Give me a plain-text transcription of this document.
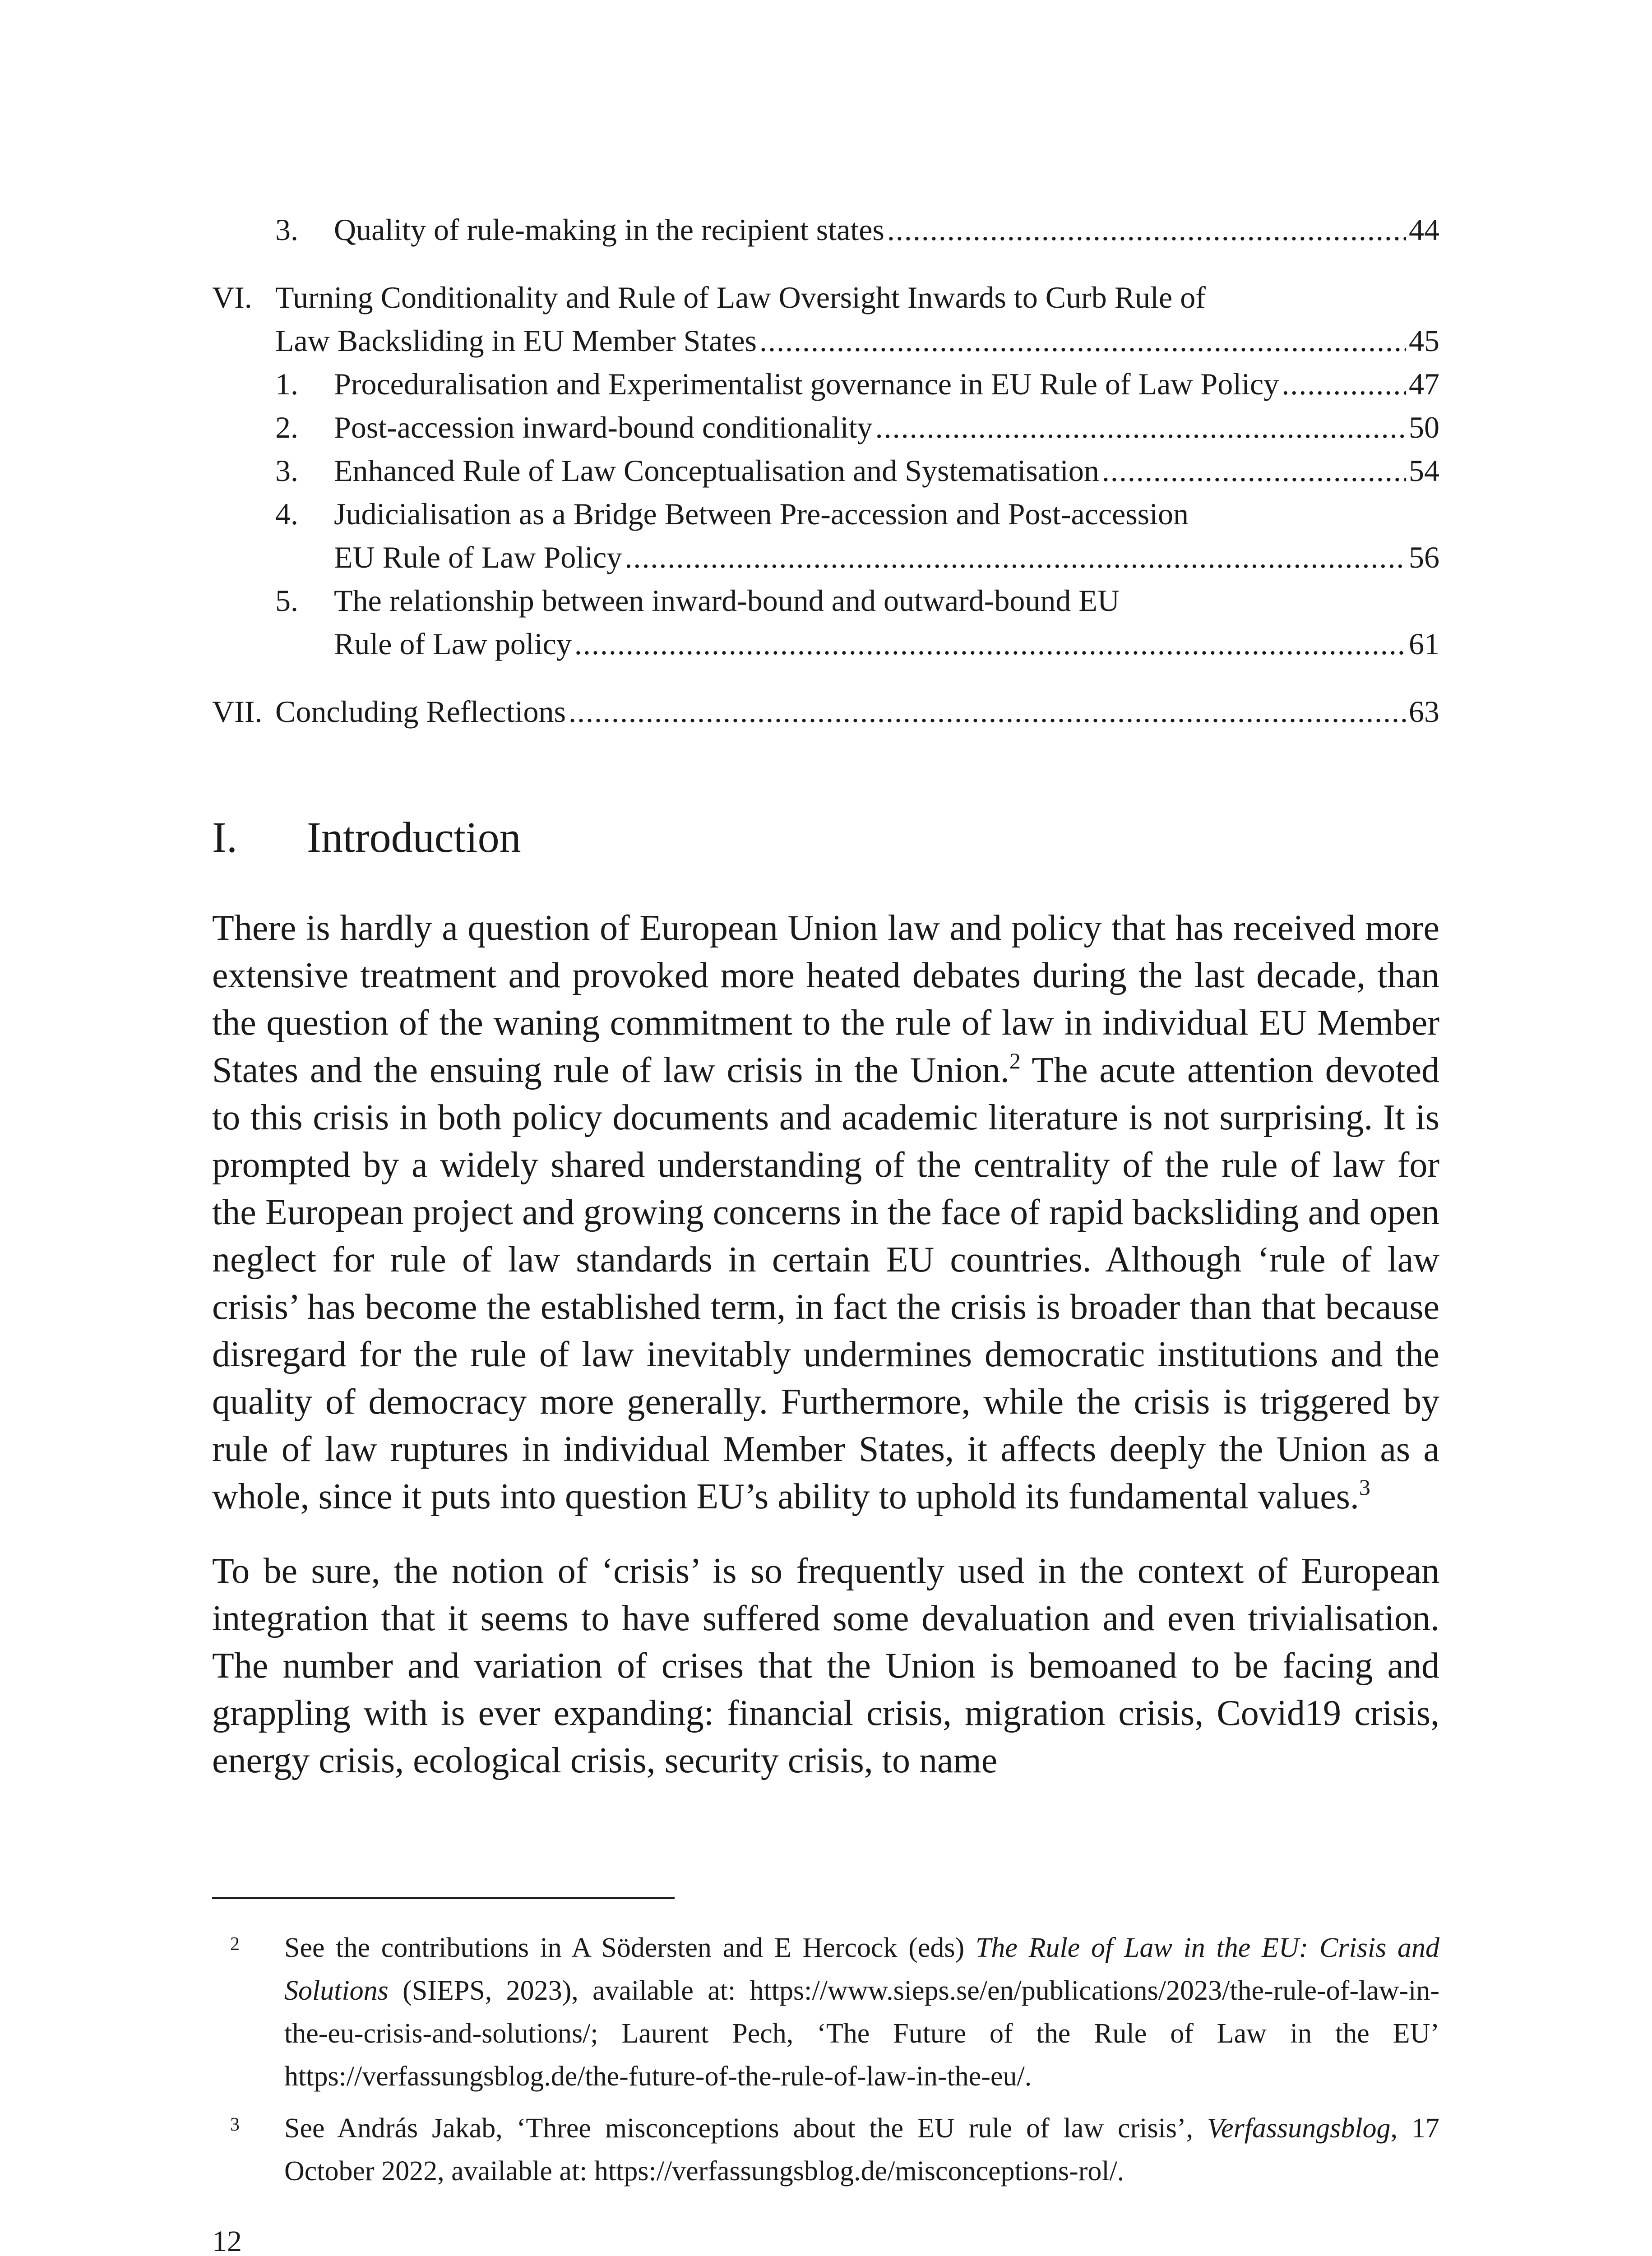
3. Quality of rule-making in the recipient states .....	44
VI. Turning Conditionality and Rule of Law Oversight Inwards to Curb Rule of
Law Backsliding in EU Member States .....	45
1. Proceduralisation and Experimentalist governance in EU Rule of Law Policy .....	47
2. Post-accession inward-bound conditionality .....	50
3. Enhanced Rule of Law Conceptualisation and Systematisation .....	54
4. Judicialisation as a Bridge Between Pre-accession and Post-accession
EU Rule of Law Policy .....	56
5. The relationship between inward-bound and outward-bound EU
Rule of Law policy .....	61
VII. Concluding Reflections .....	63
I. Introduction

There is hardly a question of European Union law and policy that has received more extensive treatment and provoked more heated debates during the last decade, than the question of the waning commitment to the rule of law in individual EU Member States and the ensuing rule of law crisis in the Union.$^2$ The acute attention devoted to this crisis in both policy documents and academic literature is not surprising. It is prompted by a widely shared understanding of the centrality of the rule of law for the European project and growing concerns in the face of rapid backsliding and open neglect for rule of law standards in certain EU countries. Although ‘rule of law crisis’ has become the established term, in fact the crisis is broader than that because disregard for the rule of law inevitably undermines democratic institutions and the quality of democracy more generally. Furthermore, while the crisis is triggered by rule of law ruptures in individual Member States, it affects deeply the Union as a whole, since it puts into question EU’s ability to uphold its fundamental values.$^3$

To be sure, the notion of ‘crisis’ is so frequently used in the context of European integration that it seems to have suffered some devaluation and even trivialisation. The number and variation of crises that the Union is bemoaned to be facing and grappling with is ever expanding: financial crisis, migration crisis, Covid19 crisis, energy crisis, ecological crisis, security crisis, to name

2 See the contributions in A Södersten and E Hercock (eds) The Rule of Law in the EU: Crisis and Solutions (SIEPS, 2023), available at: https://www.sieps.se/en/publications/2023/the-rule-of-law-in-the-eu-crisis-and-solutions/; Laurent Pech, ‘The Future of the Rule of Law in the EU’ https://verfassungsblog.de/the-future-of-the-rule-of-law-in-the-eu/.
3 See András Jakab, ‘Three misconceptions about the EU rule of law crisis’, Verfassungsblog, 17 October 2022, available at: https://verfassungsblog.de/misconceptions-rol/.
12
